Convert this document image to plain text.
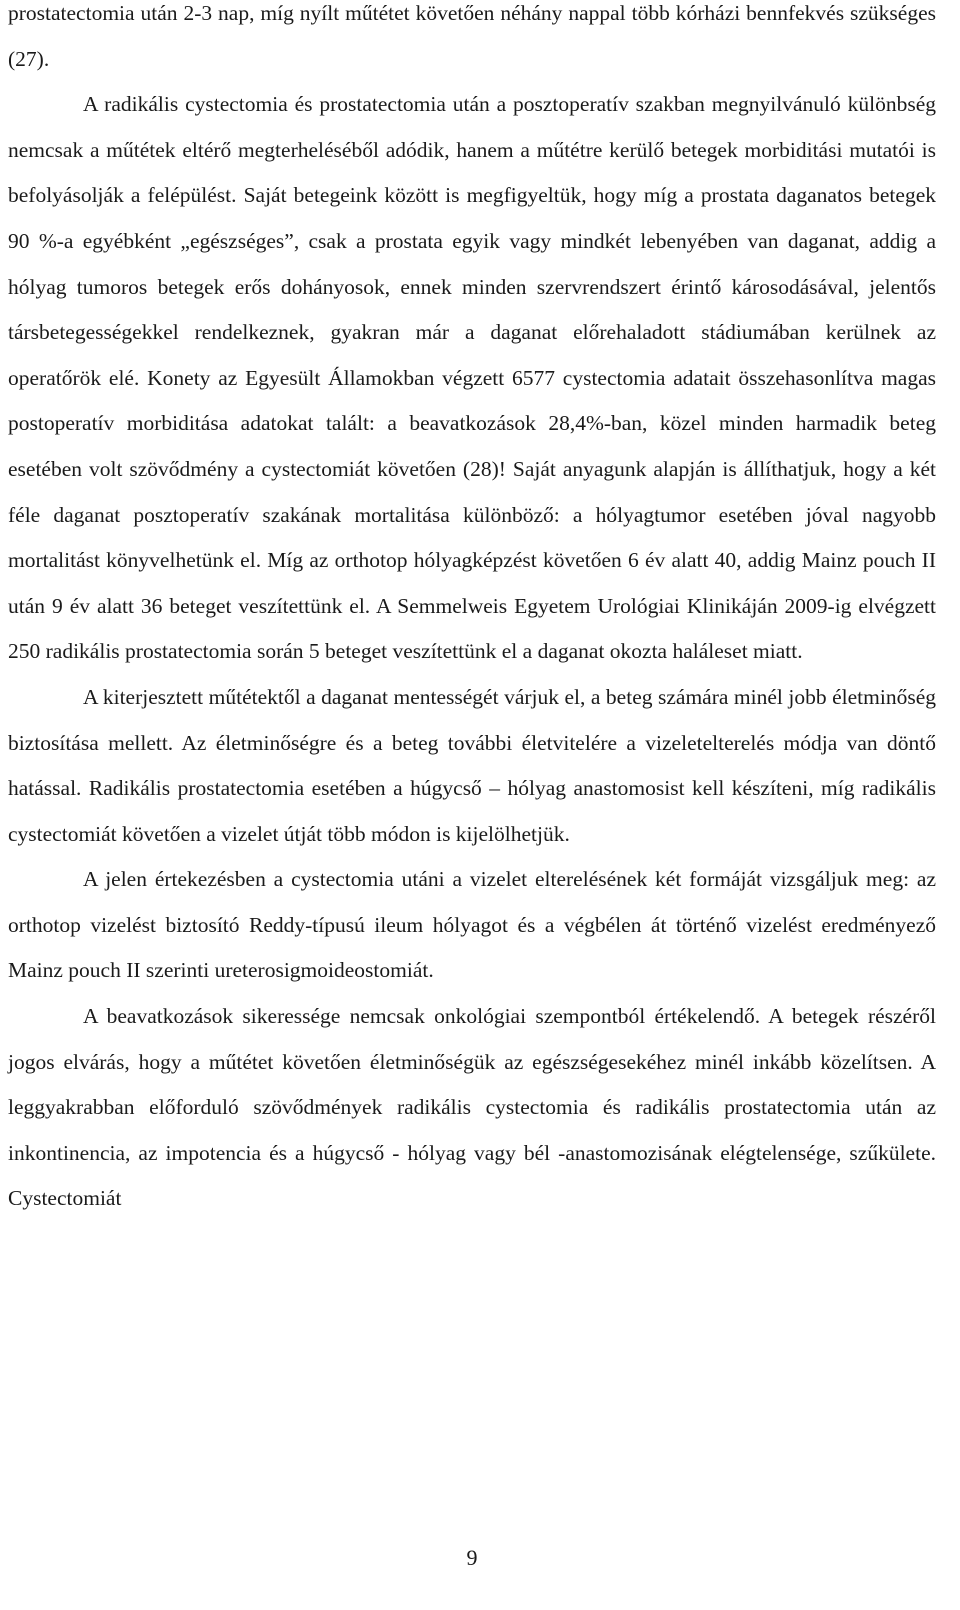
prostatectomia után 2-3 nap, míg nyílt műtétet követően néhány nappal több kórházi bennfekvés szükséges (27).

A radikális cystectomia és prostatectomia után a posztoperatív szakban megnyilvánuló különbség nemcsak a műtétek eltérő megterheléséből adódik, hanem a műtétre kerülő betegek morbiditási mutatói is befolyásolják a felépülést. Saját betegeink között is megfigyeltük, hogy míg a prostata daganatos betegek 90 %-a egyébként „egészséges”, csak a prostata egyik vagy mindkét lebenyében van daganat, addig a hólyag tumoros betegek erős dohányosok, ennek minden szervrendszert érintő károsodásával, jelentős társbetegességekkel rendelkeznek, gyakran már a daganat előrehaladott stádiumában kerülnek az operatőrök elé. Konety az Egyesült Államokban végzett 6577 cystectomia adatait összehasonlítva magas postoperatív morbiditása adatokat talált: a beavatkozások 28,4%-ban, közel minden harmadik beteg esetében volt szövődmény a cystectomiát követően (28)! Saját anyagunk alapján is állíthatjuk, hogy a két féle daganat posztoperatív szakának mortalitása különböző: a hólyagtumor esetében jóval nagyobb mortalitást könyvelhetünk el. Míg az orthotop hólyagképzést követően 6 év alatt 40, addig Mainz pouch II után 9 év alatt 36 beteget veszítettünk el. A Semmelweis Egyetem Urológiai Klinikáján 2009-ig elvégzett 250 radikális prostatectomia során 5 beteget veszítettünk el a daganat okozta haláleset miatt.

A kiterjesztett műtétektől a daganat mentességét várjuk el, a beteg számára minél jobb életminőség biztosítása mellett. Az életminőségre és a beteg további életvitelére a vizeletelterelés módja van döntő hatással. Radikális prostatectomia esetében a húgycső – hólyag anastomosist kell készíteni, míg radikális cystectomiát követően a vizelet útját több módon is kijelölhetjük.

A jelen értekezésben a cystectomia utáni a vizelet elterelésének két formáját vizsgáljuk meg: az orthotop vizelést biztosító Reddy-típusú ileum hólyagot és a végbélen át történő vizelést eredményező Mainz pouch II szerinti ureterosigmoideostomiát.

A beavatkozások sikeressége nemcsak onkológiai szempontból értékelendő. A betegek részéről jogos elvárás, hogy a műtétet követően életminőségük az egészségesekéhez minél inkább közelítsen. A leggyakrabban előforduló szövődmények radikális cystectomia és radikális prostatectomia után az inkontinencia, az impotencia és a húgycső - hólyag vagy bél -anastomozisának elégtelensége, szűkülete. Cystectomiát

9
